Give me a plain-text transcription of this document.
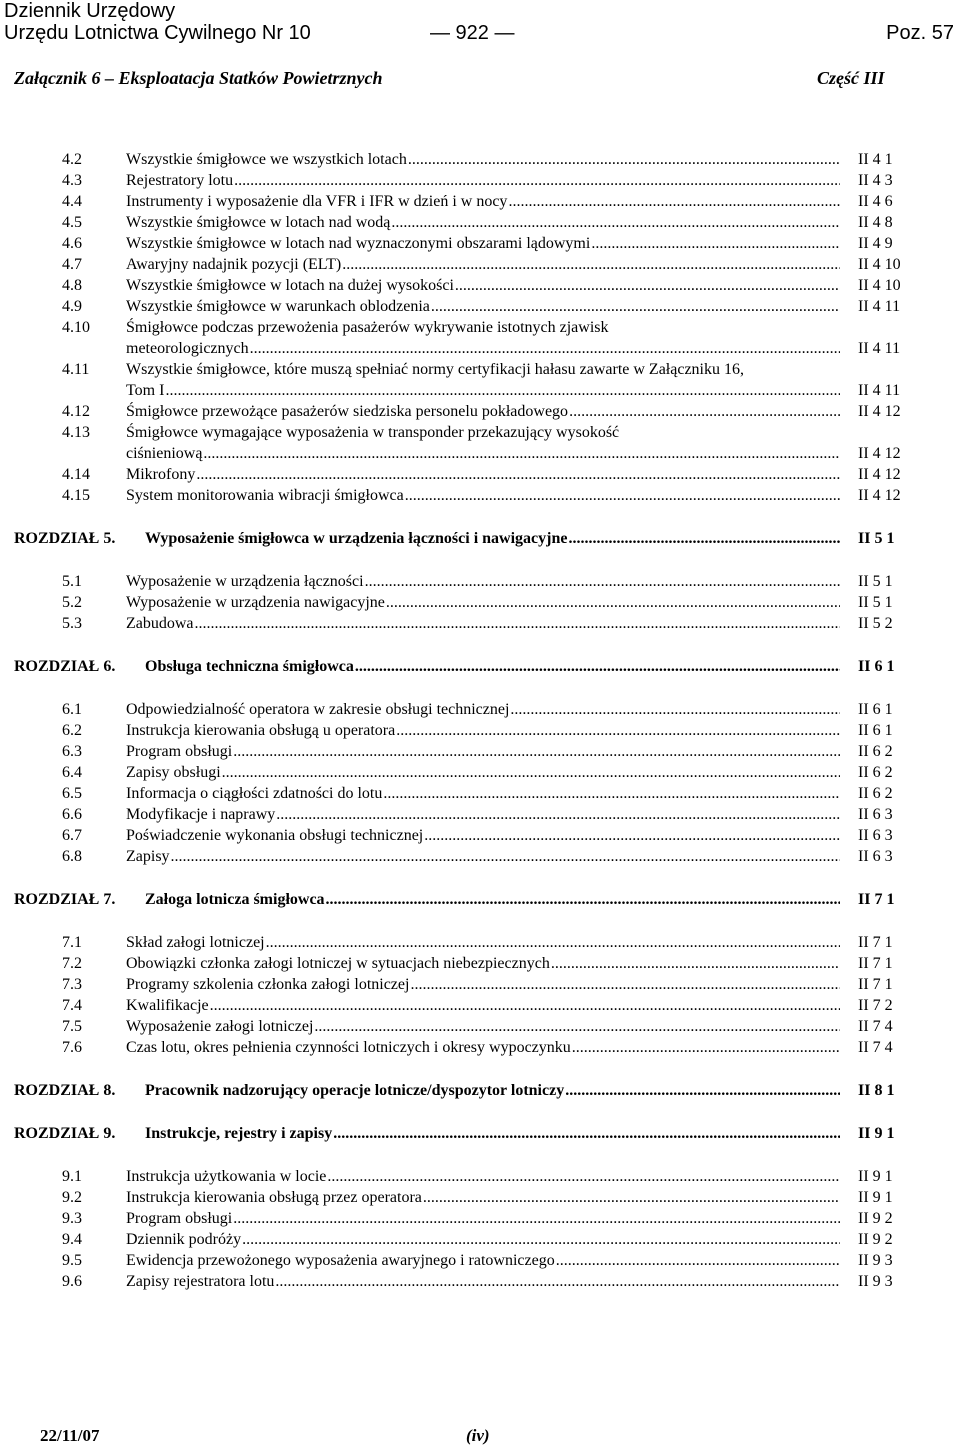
Dziennik Urzędowy
Urzędu Lotnictwa Cywilnego Nr 10	— 922 —	Poz. 57
Załącznik 6 – Eksploatacja Statków Powietrznych	Część III
4.2	Wszystkie śmigłowce we wszystkich lotach	II 4 1
.....
4.3	Rejestratory lotu	II 4 3
.....
4.4	Instrumenty i wyposażenie dla VFR i IFR w dzień i w nocy	II 4 6
.....
4.5	Wszystkie śmigłowce w lotach nad wodą	II 4 8
.....
4.6	Wszystkie śmigłowce w lotach nad wyznaczonymi obszarami lądowymi	II 4 9
.....
4.7	Awaryjny nadajnik pozycji (ELT)	II 4 10
.....
4.8	Wszystkie śmigłowce w lotach na dużej wysokości	II 4 10
.....
4.9	Wszystkie śmigłowce w warunkach oblodzenia	II 4 11
.....
4.10 Śmigłowce podczas przewożenia pasażerów wykrywanie istotnych zjawisk
meteorologicznych	II 4 11
.....
4.11 Wszystkie śmigłowce, które muszą spełniać normy certyfikacji hałasu zawarte w Załączniku 16,
Tom I	II 4 11
.....
4.12 Śmigłowce przewożące pasażerów siedziska personelu pokładowego	II 4 12
.....
4.13 Śmigłowce wymagające wyposażenia w transponder przekazujący wysokość
ciśnieniową	II 4 12
.....
4.14 Mikrofony	II 4 12
.....
4.15 System monitorowania wibracji śmigłowca	II 4 12
.....
ROZDZIAŁ 5. Wyposażenie śmigłowca w urządzenia łączności i nawigacyjne	II 5 1
.....
5.1	Wyposażenie w urządzenia łączności	II 5 1
.....
5.2	Wyposażenie w urządzenia nawigacyjne	II 5 1
.....
5.3	Zabudowa	II 5 2
.....
ROZDZIAŁ 6. Obsługa techniczna śmigłowca	II 6 1
.....
6.1	Odpowiedzialność operatora w zakresie obsługi technicznej	II 6 1
.....
6.2	Instrukcja kierowania obsługą u operatora	II 6 1
.....
6.3	Program obsługi	II 6 2
.....
6.4	Zapisy obsługi	II 6 2
.....
6.5	Informacja o ciągłości zdatności do lotu	II 6 2
.....
6.6	Modyfikacje i naprawy	II 6 3
.....
6.7	Poświadczenie wykonania obsługi technicznej	II 6 3
.....
6.8	Zapisy	II 6 3
.....
ROZDZIAŁ 7. Załoga lotnicza śmigłowca	II 7 1
.....
7.1	Skład załogi lotniczej	II 7 1
.....
7.2	Obowiązki członka załogi lotniczej w sytuacjach niebezpiecznych	II 7 1
.....
7.3	Programy szkolenia członka załogi lotniczej	II 7 1
.....
7.4	Kwalifikacje	II 7 2
.....
7.5	Wyposażenie załogi lotniczej	II 7 4
.....
7.6	Czas lotu, okres pełnienia czynności lotniczych i okresy wypoczynku	II 7 4
.....
ROZDZIAŁ 8. Pracownik nadzorujący operacje lotnicze/dyspozytor lotniczy	II 8 1
.....
ROZDZIAŁ 9. Instrukcje, rejestry i zapisy	II 9 1
.....
9.1	Instrukcja użytkowania w locie	II 9 1
.....
9.2	Instrukcja kierowania obsługą przez operatora	II 9 1
.....
9.3	Program obsługi	II 9 2
.....
9.4	Dziennik podróży	II 9 2
.....
9.5	Ewidencja przewożonego wyposażenia awaryjnego i ratowniczego	II 9 3
.....
9.6	Zapisy rejestratora lotu	II 9 3
.....
22/11/07	(iv)
